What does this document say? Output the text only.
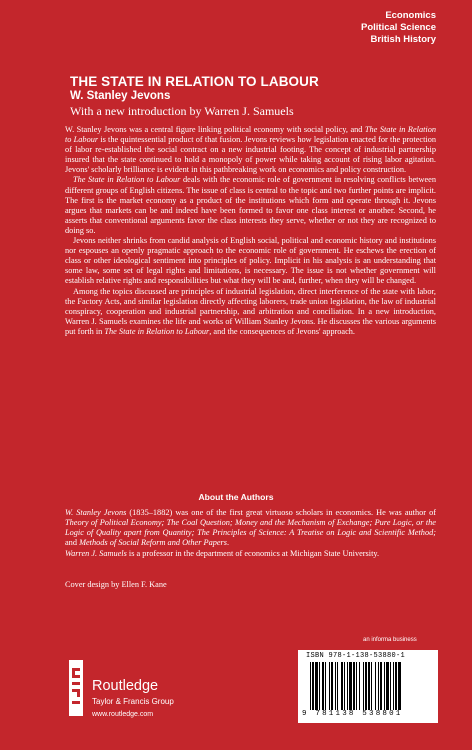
Economics
Political Science
British History
THE STATE IN RELATION TO LABOUR
W. Stanley Jevons
With a new introduction by Warren J. Samuels

W. Stanley Jevons was a central figure linking political economy with social policy, and The State in Relation to Labour is the quintessential product of that fusion. Jevons reviews how legislation enacted for the protection of labor re-established the social contract on a new industrial footing. The concept of industrial partnership insured that the state continued to hold a monopoly of power while taking account of rising labor agitation. Jevons' scholarly brilliance is evident in this pathbreaking work on economics and policy construction.

The State in Relation to Labour deals with the economic role of government in resolving conflicts between different groups of English citizens. The issue of class is central to the topic and two further points are implicit. The first is the market economy as a product of the institutions which form and operate through it. Jevons argues that markets can be and indeed have been formed to favor one class interest or another. Second, he asserts that conventional arguments favor the class interests they serve, whether or not they are recognized to doing so.

Jevons neither shrinks from candid analysis of English social, political and economic history and institutions nor espouses an openly pragmatic approach to the economic role of government. He eschews the erection of class or other ideological sentiment into principles of policy. Implicit in his analysis is an understanding that some law, some set of legal rights and limitations, is necessary. The issue is not whether government will establish relative rights and responsibilities but what they will be and, further, when they will be changed.

Among the topics discussed are principles of industrial legislation, direct interference of the state with labor, the Factory Acts, and similar legislation directly affecting laborers, trade union legislation, the law of industrial conspiracy, cooperation and industrial partnership, and arbitration and conciliation. In a new introduction, Warren J. Samuels examines the life and works of William Stanley Jevons. He discusses the various arguments put forth in The State in Relation to Labour, and the consequences of Jevons' approach.

About the Authors

W. Stanley Jevons (1835–1882) was one of the first great virtuoso scholars in economics. He was author of Theory of Political Economy; The Coal Question; Money and the Mechanism of Exchange; Pure Logic, or the Logic of Quality apart from Quantity; The Principles of Science: A Treatise on Logic and Scientific Method; and Methods of Social Reform and Other Papers.

Warren J. Samuels is a professor in the department of economics at Michigan State University.

Cover design by Ellen F. Kane
an informa business
ISBN 978-1-138-53880-1
9 781138 538801
Routledge
Taylor & Francis Group
www.routledge.com
